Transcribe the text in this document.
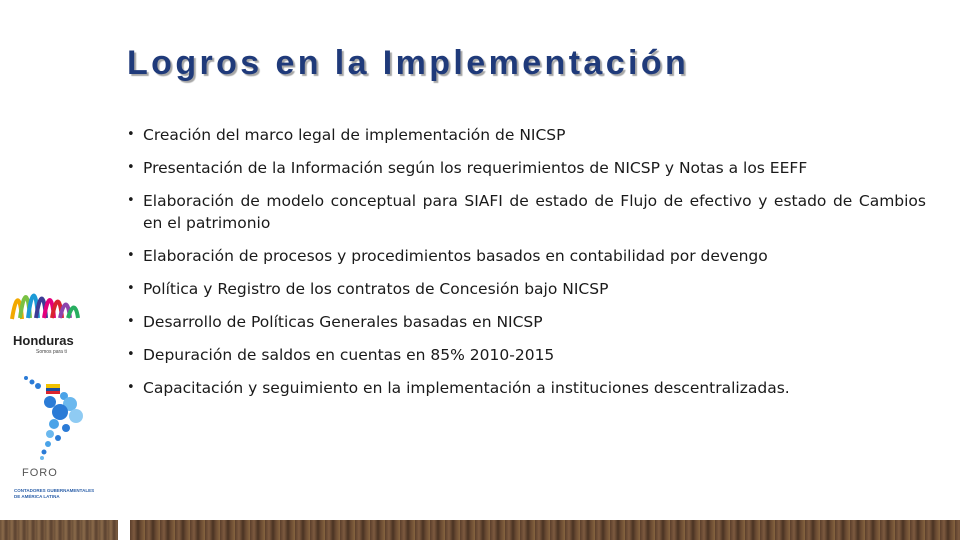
Logros en la Implementación
• Creación del marco legal de implementación de NICSP
• Presentación de la Información según los requerimientos de NICSP y Notas a los EEFF
• Elaboración de modelo conceptual para SIAFI de estado de Flujo de efectivo y estado de Cambios en el patrimonio
• Elaboración de procesos y procedimientos basados en contabilidad por devengo
• Política y Registro de los contratos de Concesión bajo NICSP
• Desarrollo de Políticas Generales basadas en NICSP
• Depuración de saldos en cuentas en 85% 2010-2015
• Capacitación y seguimiento en la implementación a instituciones descentralizadas.
Honduras
Somos para ti
FORO
CONTADORES GUBERNAMENTALES
DE AMÉRICA LATINA
